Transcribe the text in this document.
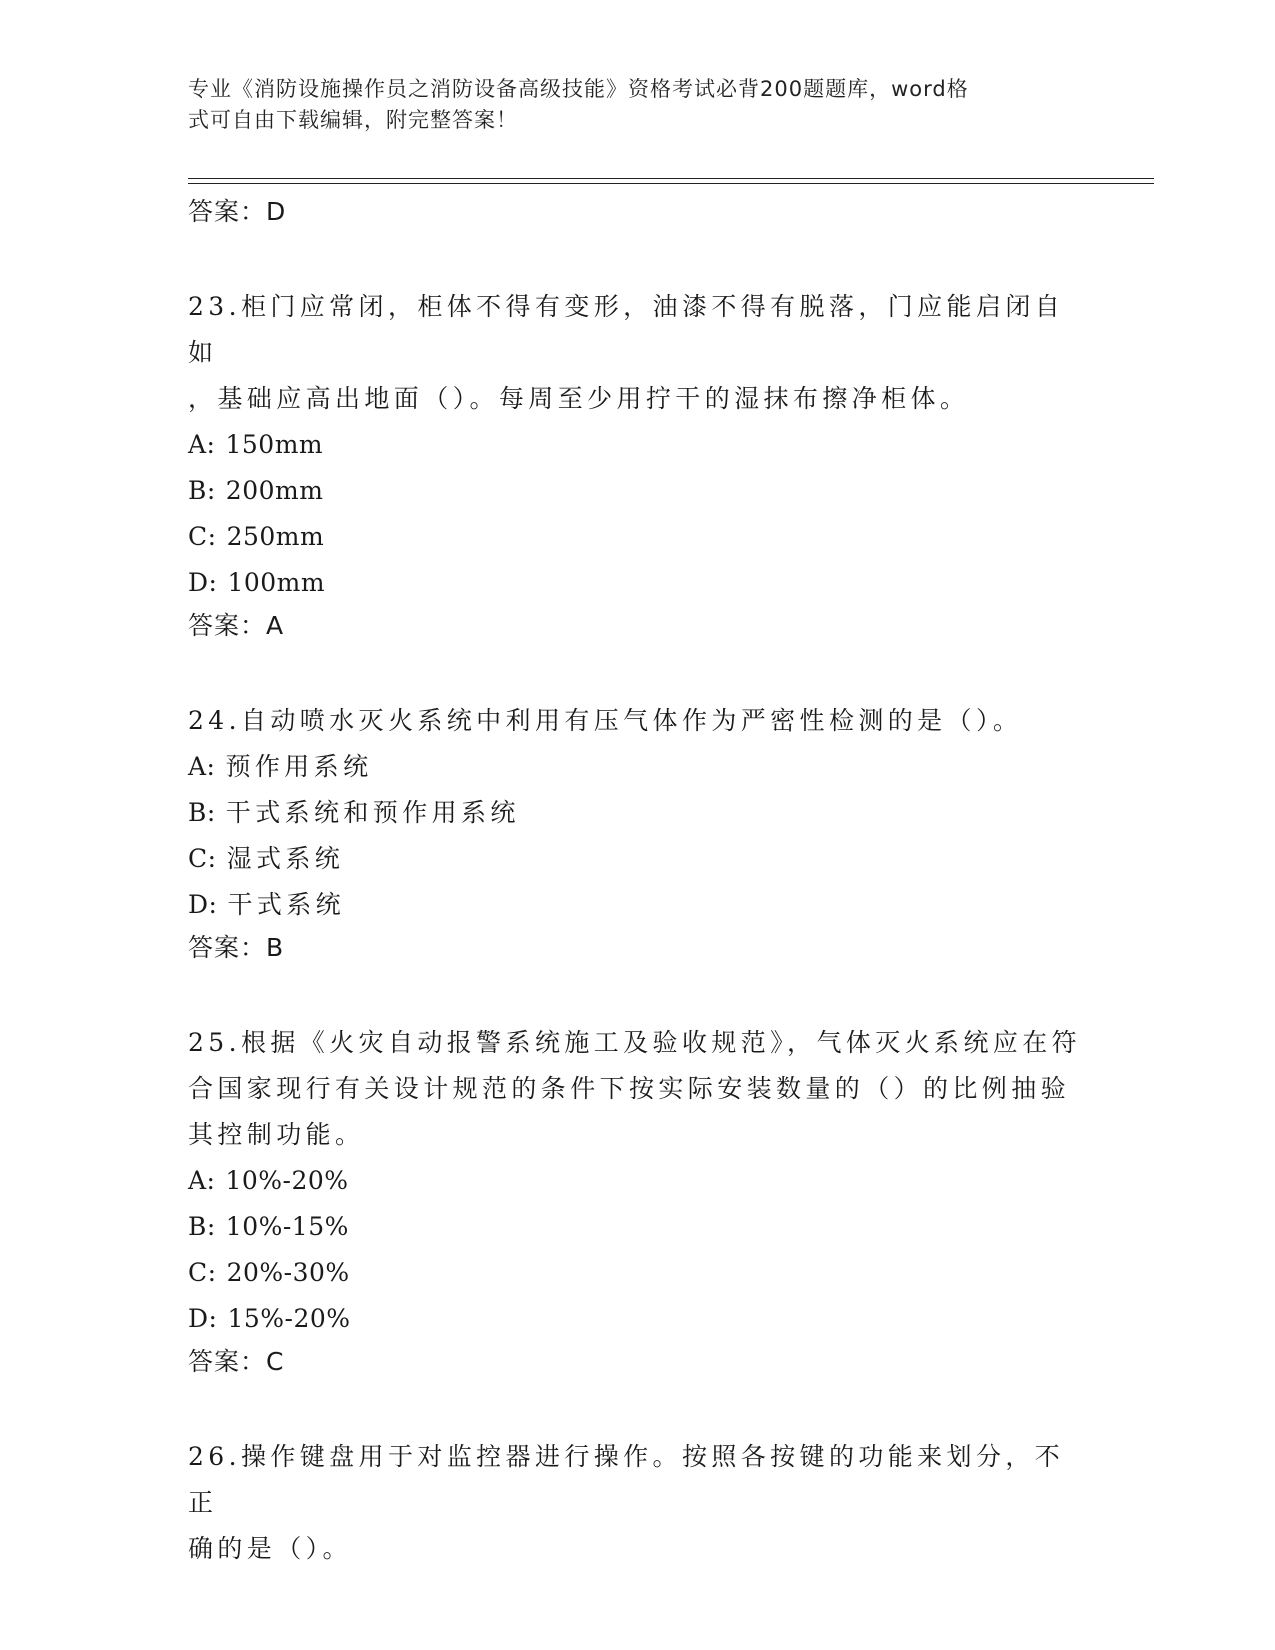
专业《消防设施操作员之消防设备高级技能》资格考试必背200题题库，word格
式可自由下载编辑，附完整答案！
答案：D
23.柜门应常闭，柜体不得有变形，油漆不得有脱落，门应能启闭自如
，基础应高出地面（）。每周至少用拧干的湿抹布擦净柜体。
A: 150mm
B: 200mm
C: 250mm
D: 100mm
答案：A
24.自动喷水灭火系统中利用有压气体作为严密性检测的是（）。
A: 预作用系统
B: 干式系统和预作用系统
C: 湿式系统
D: 干式系统
答案：B
25.根据《火灾自动报警系统施工及验收规范》，气体灭火系统应在符
合国家现行有关设计规范的条件下按实际安装数量的（）的比例抽验
其控制功能。
A: 10%-20%
B: 10%-15%
C: 20%-30%
D: 15%-20%
答案：C
26.操作键盘用于对监控器进行操作。按照各按键的功能来划分，不正
确的是（）。
